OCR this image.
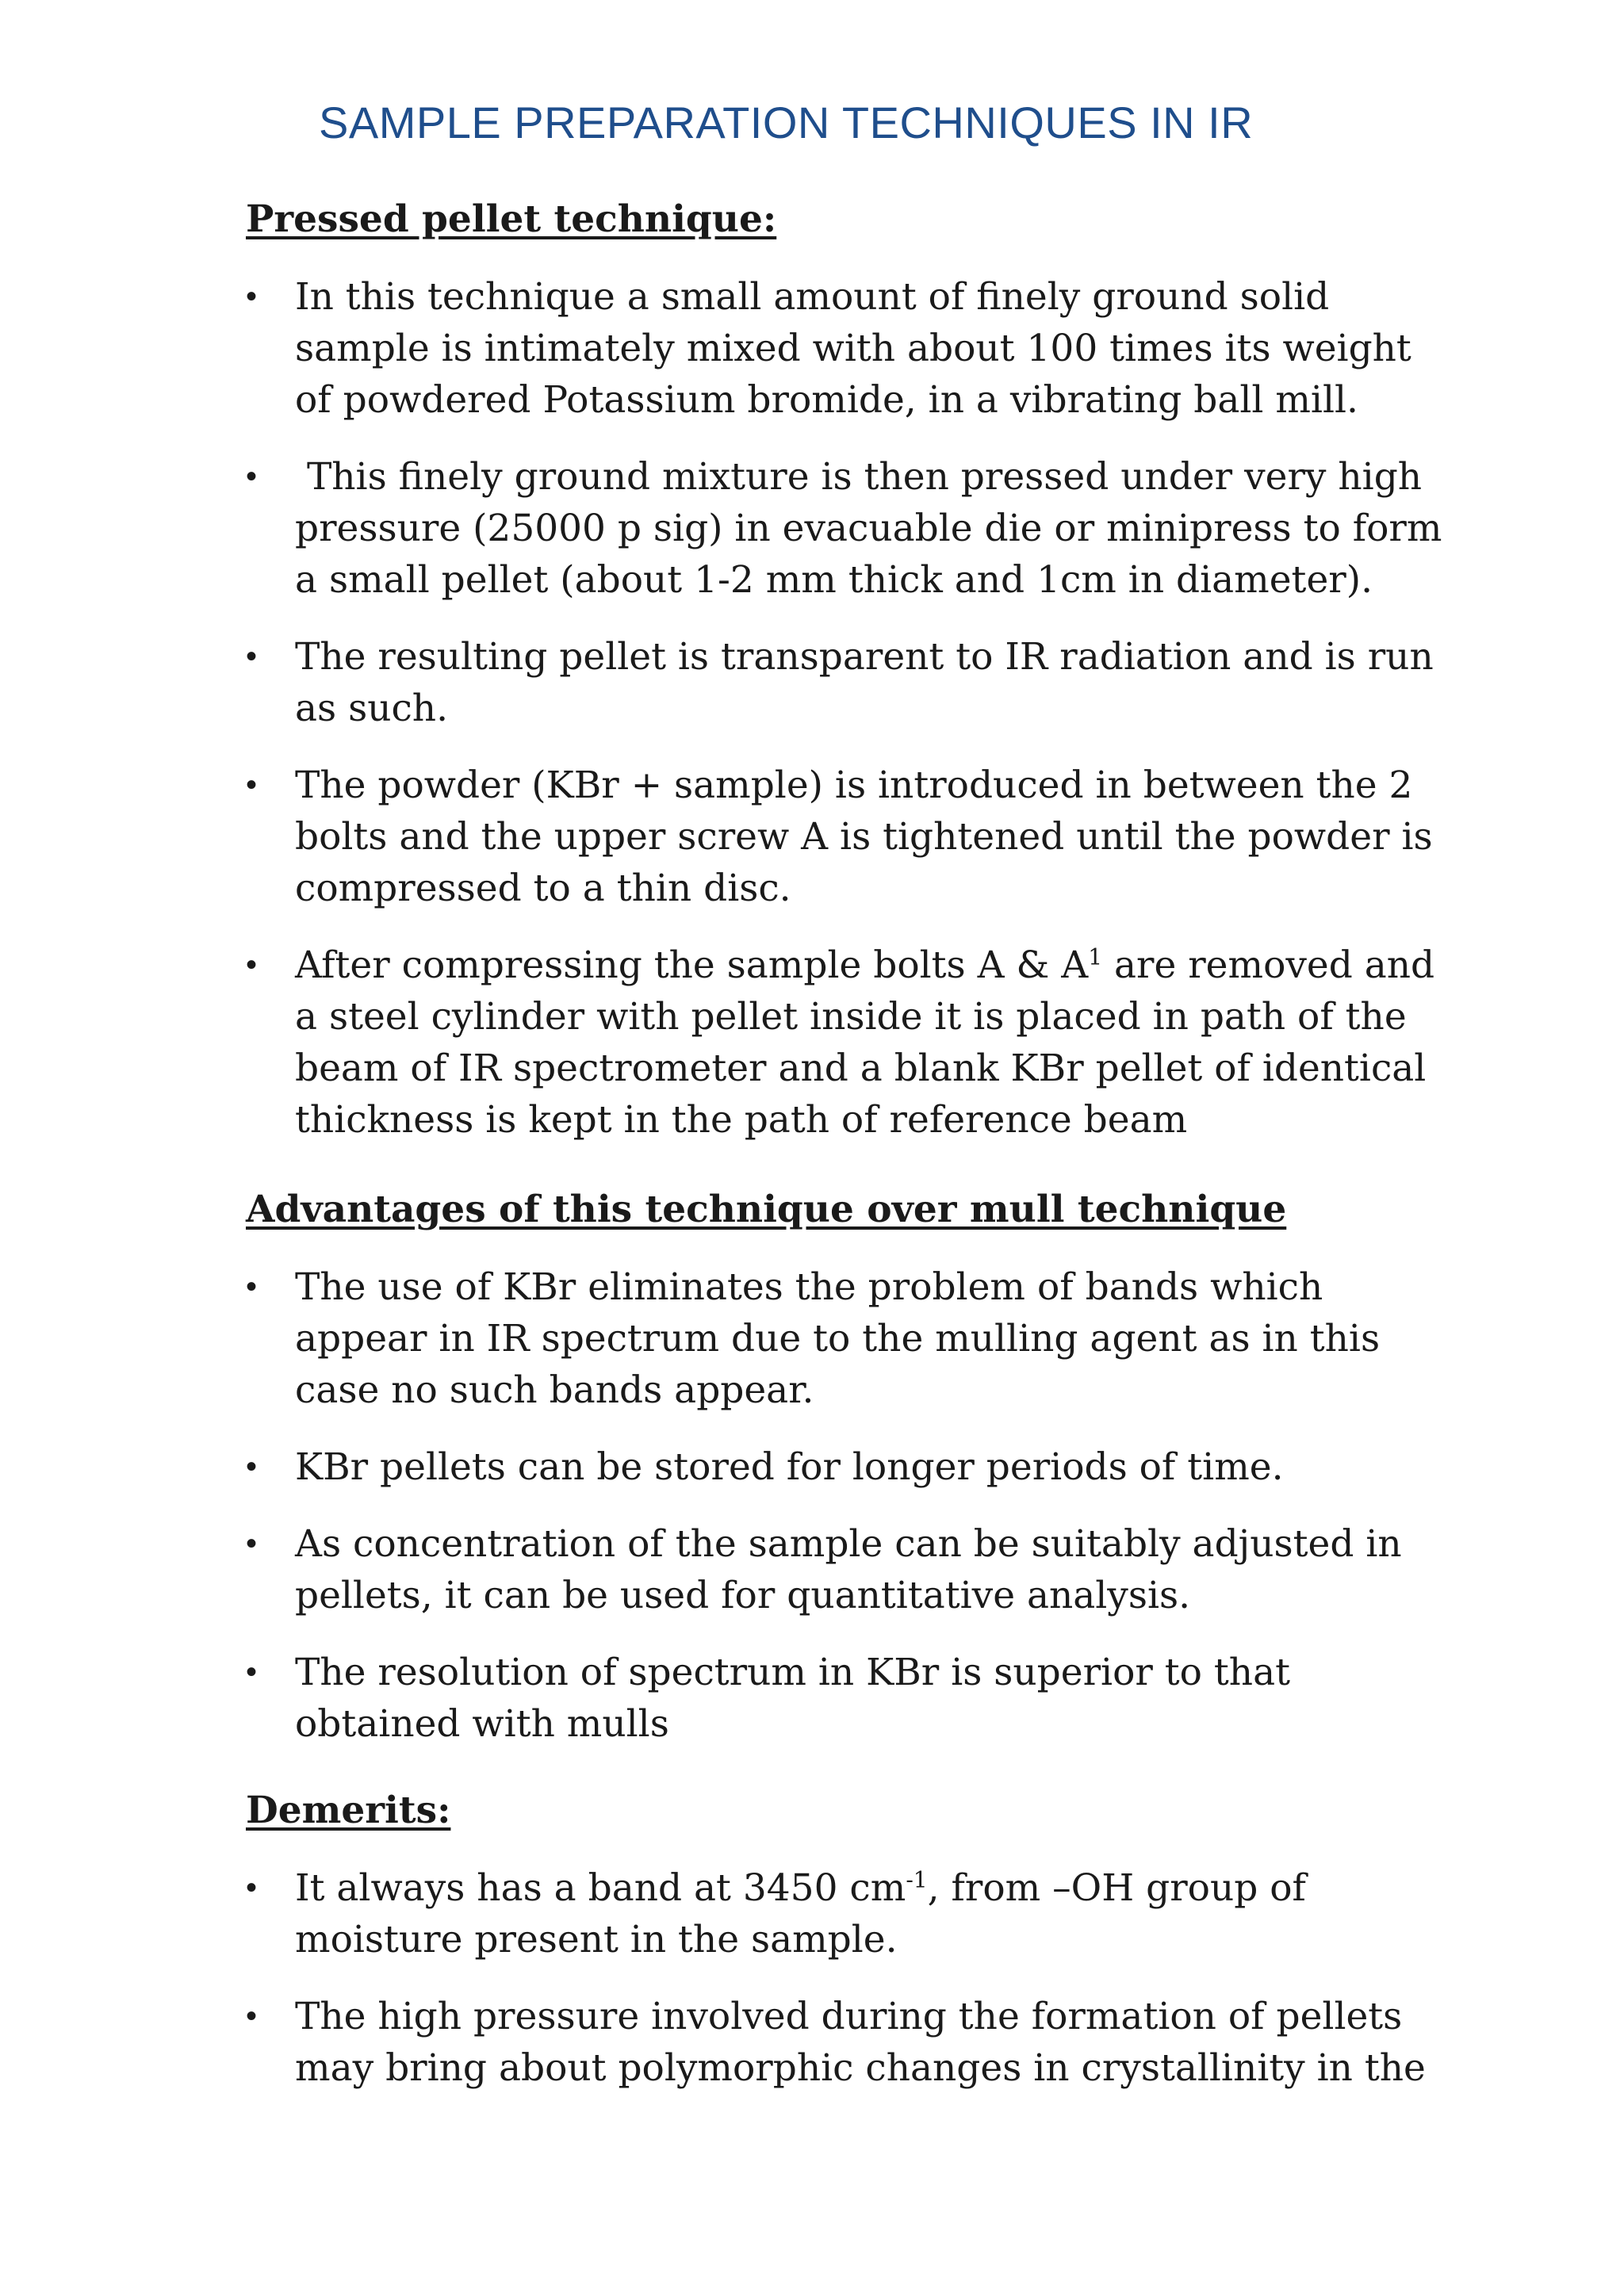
SAMPLE PREPARATION TECHNIQUES IN IR
Pressed pellet technique:
• In this technique a small amount of finely ground solid
sample is intimately mixed with about 100 times its weight
of powdered Potassium bromide, in a vibrating ball mill.
• This finely ground mixture is then pressed under very high
pressure (25000 p sig) in evacuable die or minipress to form
a small pellet (about 1-2 mm thick and 1cm in diameter).
• The resulting pellet is transparent to IR radiation and is run
as such.
• The powder (KBr + sample) is introduced in between the 2
bolts and the upper screw A is tightened until the powder is
compressed to a thin disc.
• After compressing the sample bolts A & $A^1$ are removed and
a steel cylinder with pellet inside it is placed in path of the
beam of IR spectrometer and a blank KBr pellet of identical
thickness is kept in the path of reference beam
Advantages of this technique over mull technique
• The use of KBr eliminates the problem of bands which
appear in IR spectrum due to the mulling agent as in this
case no such bands appear.
• KBr pellets can be stored for longer periods of time.
• As concentration of the sample can be suitably adjusted in
pellets, it can be used for quantitative analysis.
• The resolution of spectrum in KBr is superior to that
obtained with mulls
Demerits:
• It always has a band at 3450 $cm^{-1}$, from –OH group of
moisture present in the sample.
• The high pressure involved during the formation of pellets
may bring about polymorphic changes in crystallinity in the
